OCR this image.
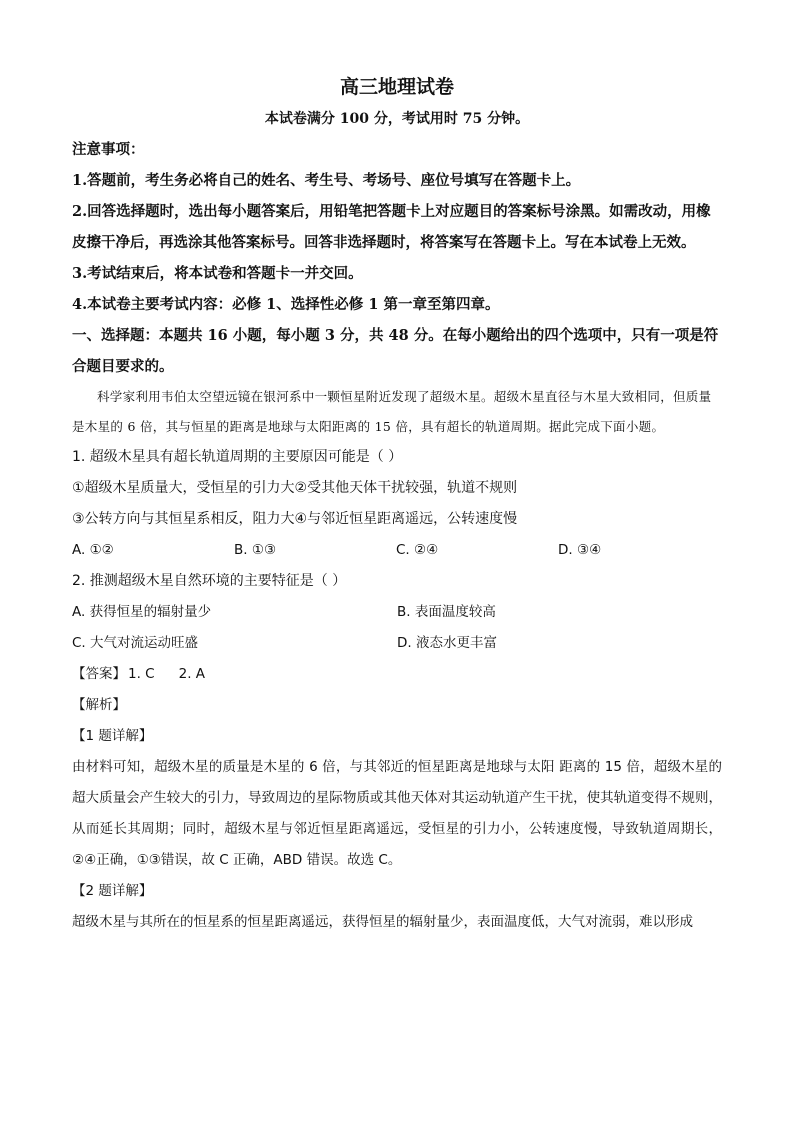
高三地理试卷
本试卷满分 100 分，考试用时 75 分钟。
注意事项：
1.答题前，考生务必将自己的姓名、考生号、考场号、座位号填写在答题卡上。
2.回答选择题时，选出每小题答案后，用铅笔把答题卡上对应题目的答案标号涂黑。如需改动，用橡皮擦干净后，再选涂其他答案标号。回答非选择题时，将答案写在答题卡上。写在本试卷上无效。
3.考试结束后，将本试卷和答题卡一并交回。
4.本试卷主要考试内容：必修 1、选择性必修 1 第一章至第四章。
一、选择题：本题共 16 小题，每小题 3 分，共 48 分。在每小题给出的四个选项中，只有一项是符合题目要求的。
科学家利用韦伯太空望远镜在银河系中一颗恒星附近发现了超级木星。超级木星直径与木星大致相同，但质量是木星的 6 倍，其与恒星的距离是地球与太阳距离的 15 倍，具有超长的轨道周期。据此完成下面小题。
1. 超级木星具有超长轨道周期的主要原因可能是（ ）
①超级木星质量大，受恒星的引力大②受其他天体干扰较强，轨道不规则
③公转方向与其恒星系相反，阻力大④与邻近恒星距离遥远，公转速度慢
A. ①②	B. ①③	C. ②④	D. ③④
2. 推测超级木星自然环境的主要特征是（ ）
A. 获得恒星的辐射量少	B. 表面温度较高
C. 大气对流运动旺盛	D. 液态水更丰富
【答案】 1. C 2. A
【解析】
【1 题详解】
由材料可知，超级木星的质量是木星的 6 倍，与其邻近的恒星距离是地球与太阳 距离的 15 倍，超级木星的超大质量会产生较大的引力，导致周边的星际物质或其他天体对其运动轨道产生干扰，使其轨道变得不规则，从而延长其周期；同时，超级木星与邻近恒星距离遥远，受恒星的引力小，公转速度慢，导致轨道周期长，②④正确，①③错误，故 C 正确，ABD 错误。故选 C。
【2 题详解】
超级木星与其所在的恒星系的恒星距离遥远，获得恒星的辐射量少，表面温度低，大气对流弱，难以形成
